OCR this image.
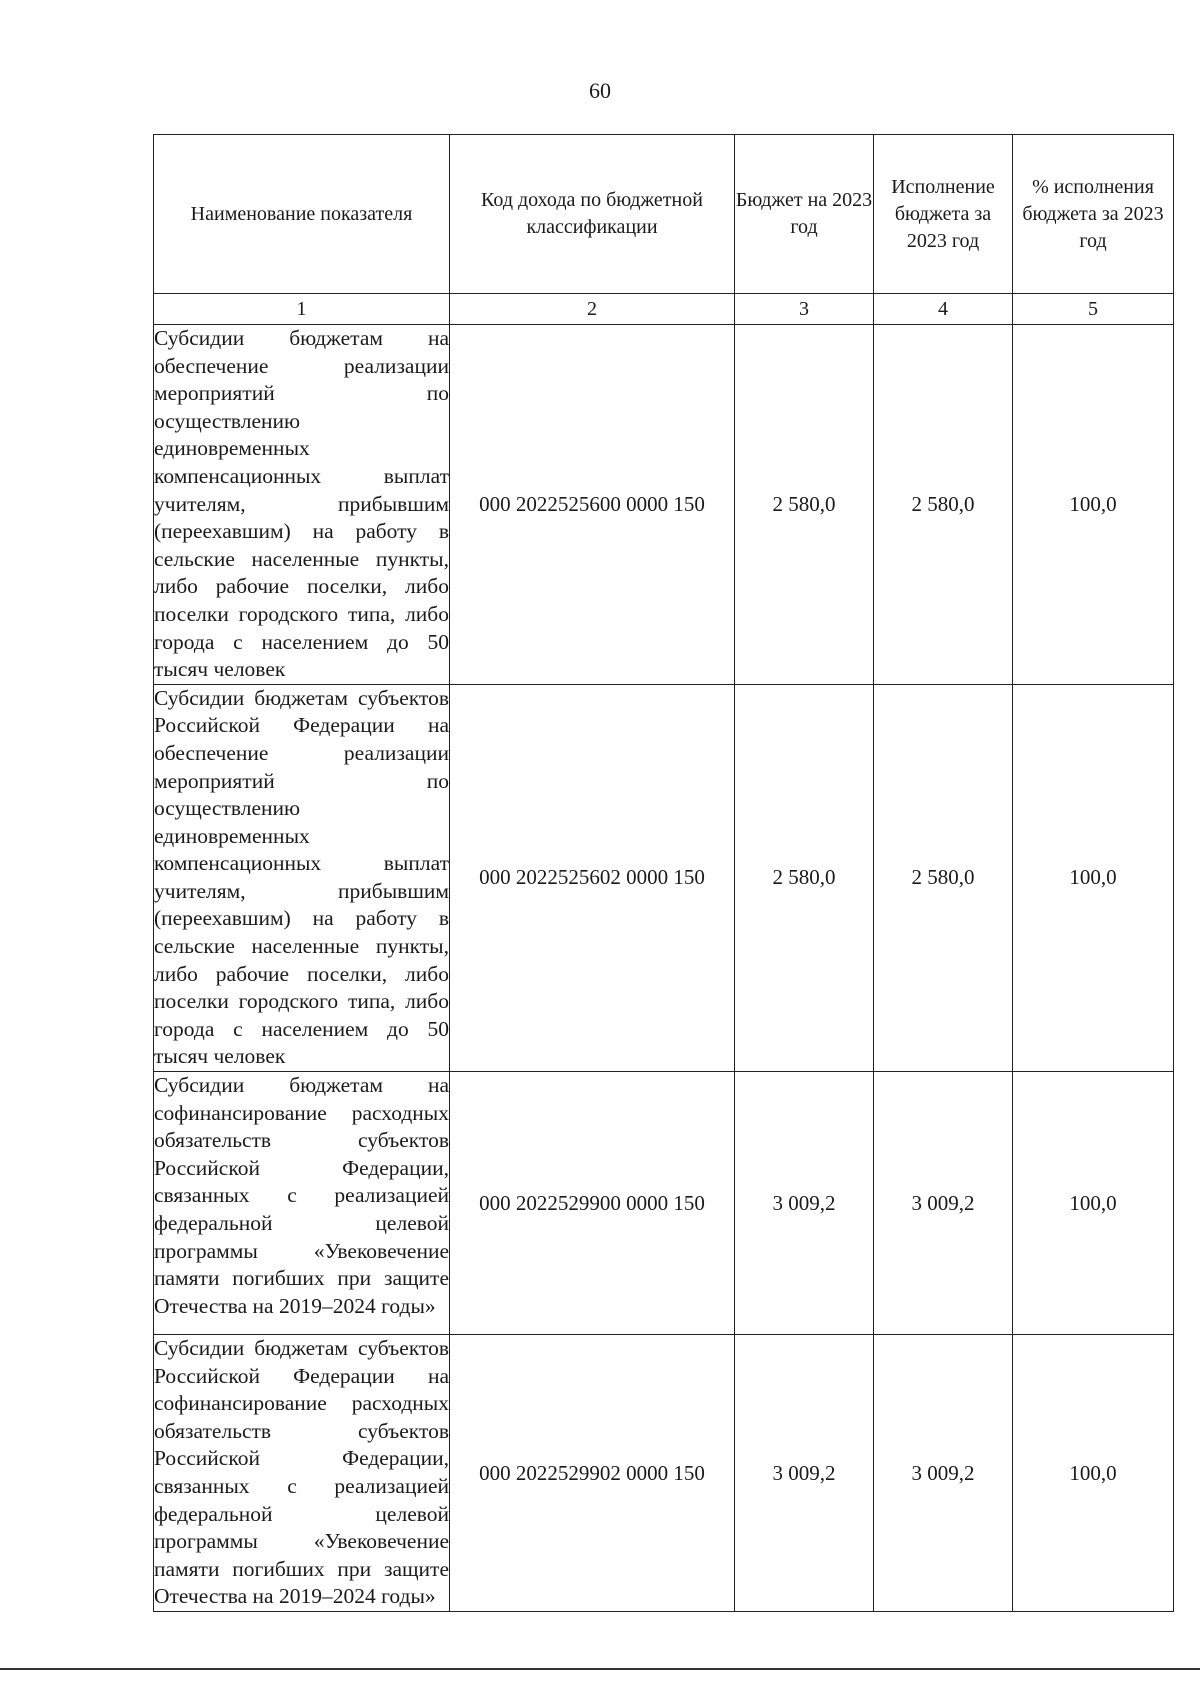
60
Наименование показателя	Код дохода по бюджетной классификации	Бюджет на 2023 год	Исполнение бюджета за 2023 год	% исполнения бюджета за 2023 год
1	2	3	4	5
Субсидии бюджетам на обеспечение реализации мероприятий по осуществлению единовременных компенсационных выплат учителям, прибывшим (переехавшим) на работу в сельские населенные пункты, либо рабочие поселки, либо поселки городского типа, либо города с населением до 50 тысяч человек	000 2022525600 0000 150	2 580,0	2 580,0	100,0
Субсидии бюджетам субъектов Российской Федерации на обеспечение реализации мероприятий по осуществлению единовременных компенсационных выплат учителям, прибывшим (переехавшим) на работу в сельские населенные пункты, либо рабочие поселки, либо поселки городского типа, либо города с населением до 50 тысяч человек	000 2022525602 0000 150	2 580,0	2 580,0	100,0
Субсидии бюджетам на софинансирование расходных обязательств субъектов Российской Федерации, связанных с реализацией федеральной целевой программы «Увековечение памяти погибших при защите Отечества на 2019–2024 годы»	000 2022529900 0000 150	3 009,2	3 009,2	100,0
Субсидии бюджетам субъектов Российской Федерации на софинансирование расходных обязательств субъектов Российской Федерации, связанных с реализацией федеральной целевой программы «Увековечение памяти погибших при защите Отечества на 2019–2024 годы»	000 2022529902 0000 150	3 009,2	3 009,2	100,0
